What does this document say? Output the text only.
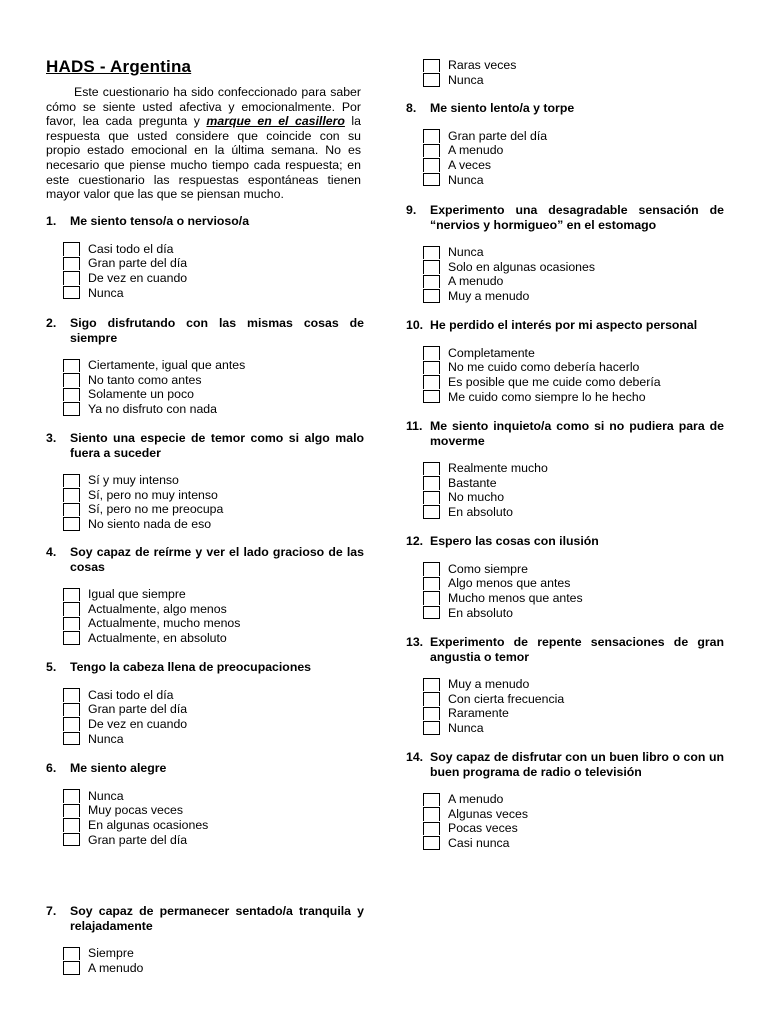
HADS - Argentina
Este cuestionario ha sido confeccionado para saber cómo se siente usted afectiva y emocionalmente. Por favor, lea cada pregunta y marque en el casillero la respuesta que usted considere que coincide con su propio estado emocional en la última semana. No es necesario que piense mucho tiempo cada respuesta; en este cuestionario las respuestas espontáneas tienen mayor valor que las que se piensan mucho.
1.	Me siento tenso/a o nervioso/a
Casi todo el día
Gran parte del día
De vez en cuando
Nunca
2.	Sigo disfrutando con las mismas cosas de siempre
Ciertamente, igual que antes
No tanto como antes
Solamente un poco
Ya no disfruto con nada
3.	Siento una especie de temor como si algo malo fuera a suceder
Sí y muy intenso
Sí, pero no muy intenso
Sí, pero no me preocupa
No siento nada de eso
4.	Soy capaz de reírme y ver el lado gracioso de las cosas
Igual que siempre
Actualmente, algo menos
Actualmente, mucho menos
Actualmente, en absoluto
5.	Tengo la cabeza llena de preocupaciones
Casi todo el día
Gran parte del día
De vez en cuando
Nunca
6.	Me siento alegre
Nunca
Muy pocas veces
En algunas ocasiones
Gran parte del día
7.	Soy capaz de permanecer sentado/a tranquila y relajadamente
Siempre
A menudo
Raras veces
Nunca
8.	Me siento lento/a y torpe
Gran parte del día
A menudo
A veces
Nunca
9.	Experimento una desagradable sensación de “nervios y hormigueo” en el estomago
Nunca
Solo en algunas ocasiones
A menudo
Muy a menudo
10. He perdido el interés por mi aspecto personal
Completamente
No me cuido como debería hacerlo
Es posible que me cuide como debería
Me cuido como siempre lo he hecho
11. Me siento inquieto/a como si no pudiera para de moverme
Realmente mucho
Bastante
No mucho
En absoluto
12. Espero las cosas con ilusión
Como siempre
Algo menos que antes
Mucho menos que antes
En absoluto
13. Experimento de repente sensaciones de gran angustia o temor
Muy a menudo
Con cierta frecuencia
Raramente
Nunca
14. Soy capaz de disfrutar con un buen libro o con un buen programa de radio o televisión
A menudo
Algunas veces
Pocas veces
Casi nunca
